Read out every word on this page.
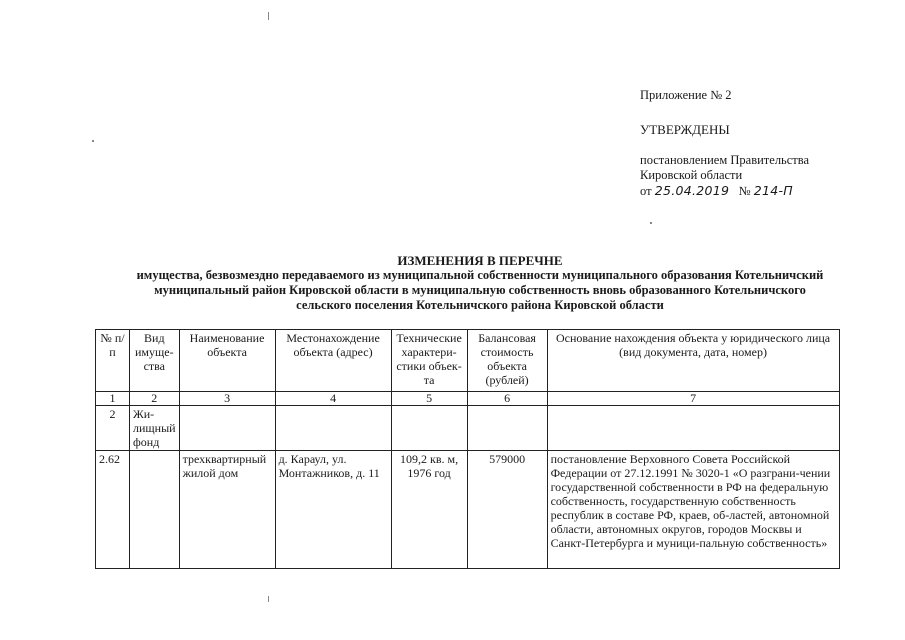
Приложение № 2
УТВЕРЖДЕНЫ
постановлением Правительства
Кировской области
от 25.04.2019 № 214-П
ИЗМЕНЕНИЯ В ПЕРЕЧНЕ
имущества, безвозмездно передаваемого из муниципальной собственности муниципального образования Котельничский
муниципальный район Кировской области в муниципальную собственность вновь образованного Котельничского
сельского поселения Котельничского района Кировской области
№ п/п	Вид имуще-ства	Наименование объекта	Местонахождение объекта (адрес)	Технические характери-стики объек-та	Балансовая стоимость объекта (рублей)	Основание нахождения объекта у юридического лица (вид документа, дата, номер)
1	2	3	4	5	6	7
2	Жи-лищный фонд					
2.62		трехквартирный жилой дом	д. Караул, ул. Монтажников, д. 11	109,2 кв. м, 1976 год	579000	постановление Верховного Совета Российской Федерации от 27.12.1991 № 3020-1 «О разграни-чении государственной собственности в РФ на федеральную собственность, государственную собственность республик в составе РФ, краев, об-ластей, автономной области, автономных округов, городов Москвы и Санкт-Петербурга и муници-пальную собственность»
